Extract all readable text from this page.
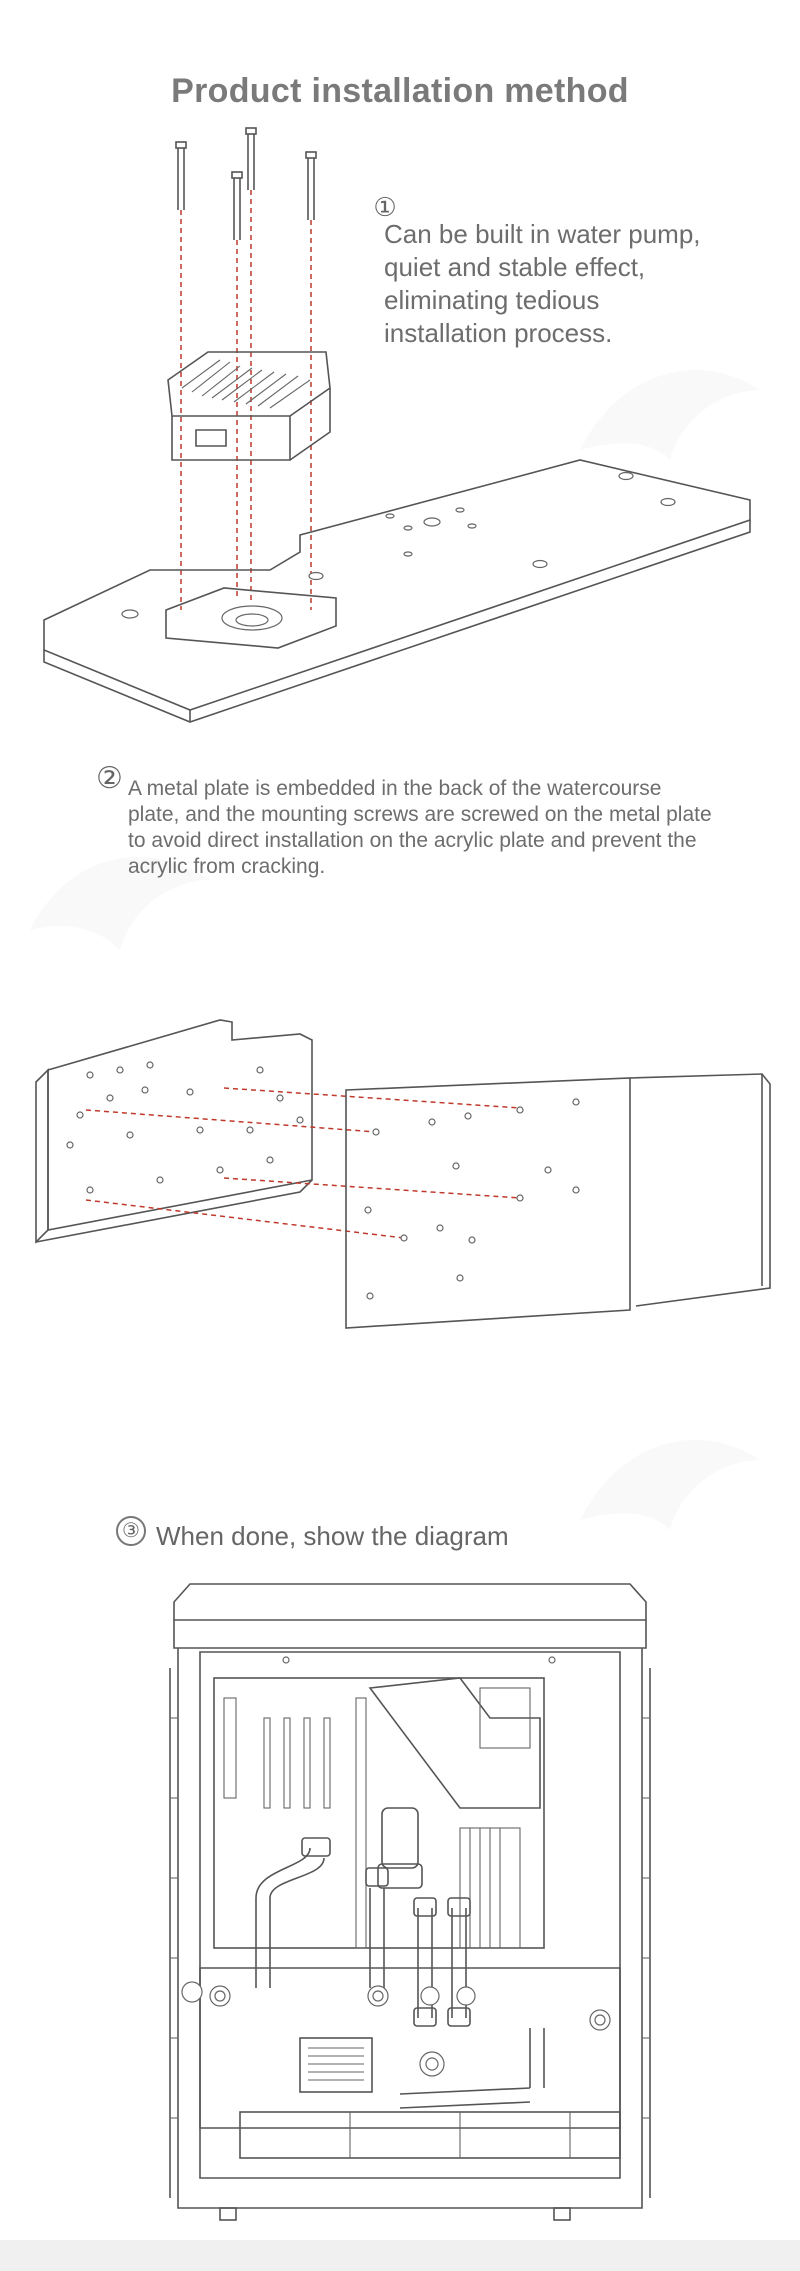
Product installation method
①
Can be built in water pump, quiet and stable effect, eliminating tedious installation process.
② A metal plate is embedded in the back of the watercourse plate, and the mounting screws are screwed on the metal plate to avoid direct installation on the acrylic plate and prevent the acrylic from cracking.
③ When done, show the diagram
